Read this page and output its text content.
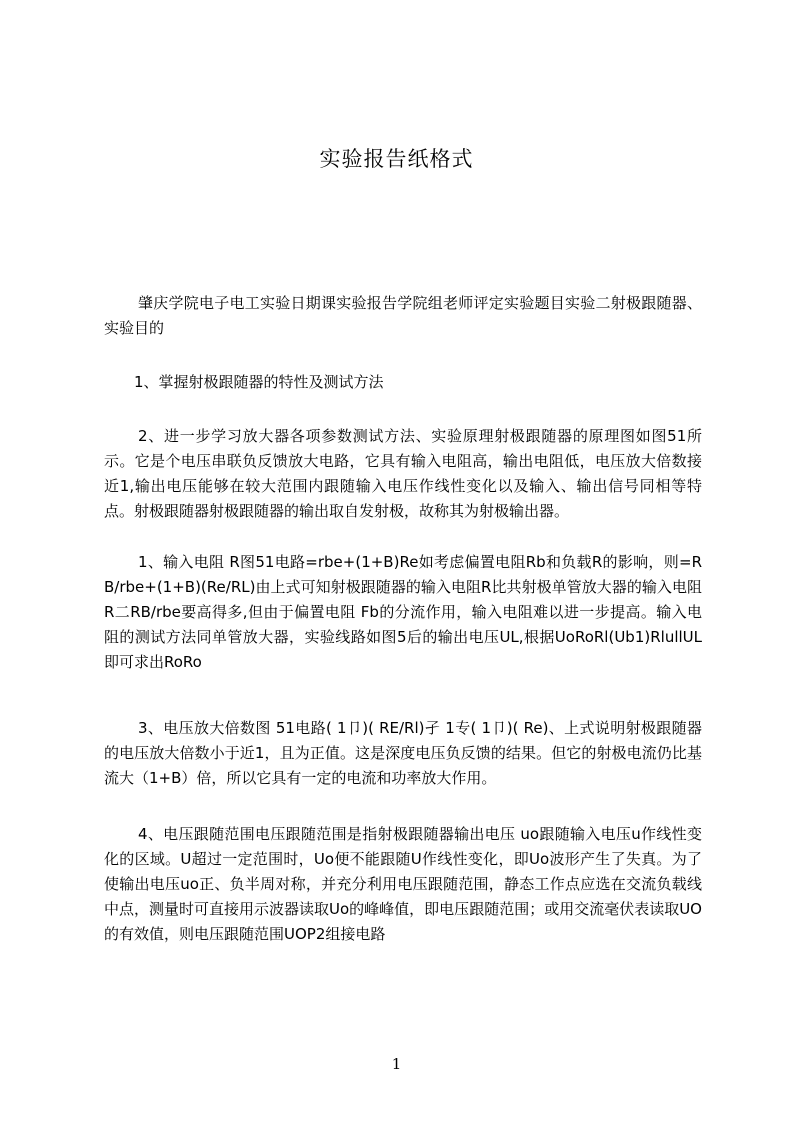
实验报告纸格式
肇庆学院电子电工实验日期课实验报告学院组老师评定实验题目实验二射极跟随器、实验目的
1、掌握射极跟随器的特性及测试方法
2、进一步学习放大器各项参数测试方法、实验原理射极跟随器的原理图如图51所示。它是个电压串联负反馈放大电路，它具有输入电阻高，输出电阻低，电压放大倍数接近1,输出电压能够在较大范围内跟随输入电压作线性变化以及输入、输出信号同相等特点。射极跟随器射极跟随器的输出取自发射极，故称其为射极输出器。
1、输入电阻 R图51电路=rbe+(1+B)Re如考虑偏置电阻Rb和负载R的影响，则=RB/rbe+(1+B)(Re/RL)由上式可知射极跟随器的输入电阻R比共射极单管放大器的输入电阻R二RB/rbe要高得多,但由于偏置电阻 Fb的分流作用，输入电阻难以进一步提高。输入电阻的测试方法同单管放大器，实验线路如图5后的输出电压UL,根据UoRoRl(Ub1)RlullUL即可求出RoRo
3、电压放大倍数图 51电路( 1卩)( RE/Rl)孑 1专( 1卩)( Re)、上式说明射极跟随器的电压放大倍数小于近1，且为正值。这是深度电压负反馈的结果。但它的射极电流仍比基流大（1+B）倍，所以它具有一定的电流和功率放大作用。
4、电压跟随范围电压跟随范围是指射极跟随器输出电压 uo跟随输入电压u作线性变化的区域。U超过一定范围时，Uo便不能跟随U作线性变化，即Uo波形产生了失真。为了使输出电压uo正、负半周对称，并充分利用电压跟随范围，静态工作点应选在交流负载线中点，测量时可直接用示波器读取Uo的峰峰值，即电压跟随范围；或用交流毫伏表读取UO的有效值，则电压跟随范围UOP2组接电路
1
